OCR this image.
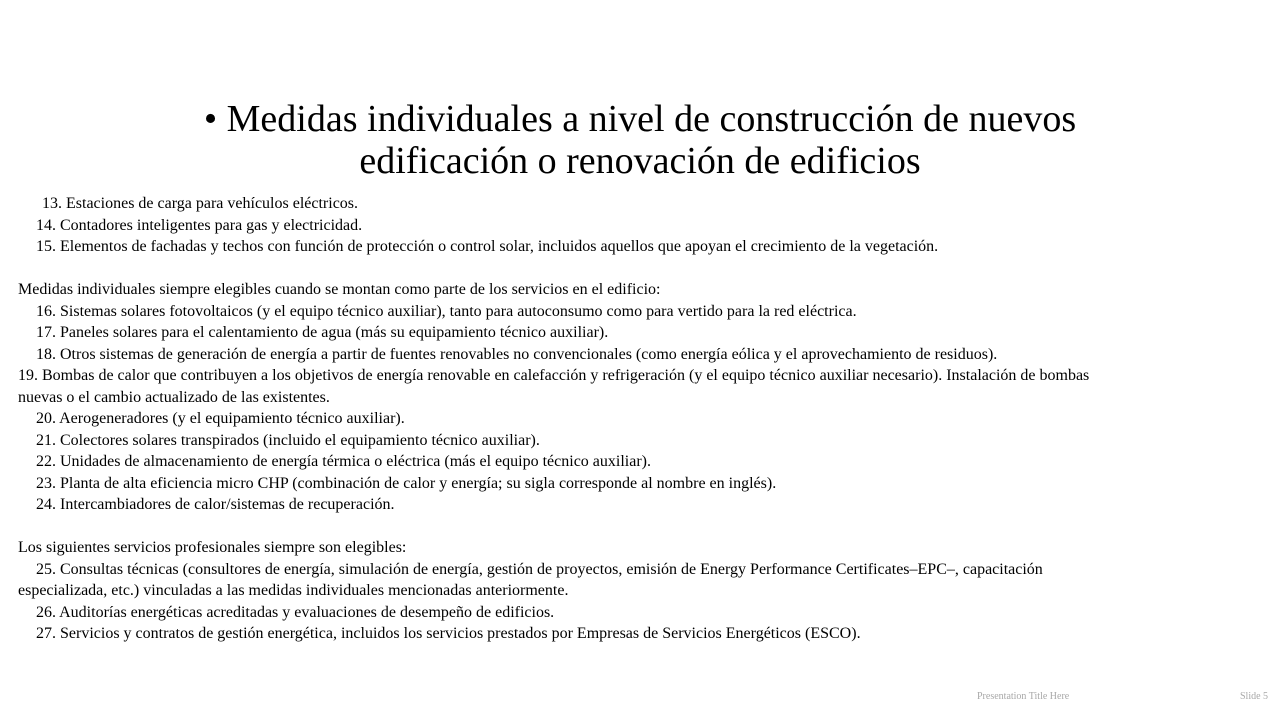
• Medidas individuales a nivel de construcción de nuevos
edificación o renovación de edificios
13. Estaciones de carga para vehículos eléctricos.
14. Contadores inteligentes para gas y electricidad.
15. Elementos de fachadas y techos con función de protección o control solar, incluidos aquellos que apoyan el crecimiento de la vegetación.
Medidas individuales siempre elegibles cuando se montan como parte de los servicios en el edificio:
16. Sistemas solares fotovoltaicos (y el equipo técnico auxiliar), tanto para autoconsumo como para vertido para la red eléctrica.
17. Paneles solares para el calentamiento de agua (más su equipamiento técnico auxiliar).
18. Otros sistemas de generación de energía a partir de fuentes renovables no convencionales (como energía eólica y el aprovechamiento de residuos).
19. Bombas de calor que contribuyen a los objetivos de energía renovable en calefacción y refrigeración (y el equipo técnico auxiliar necesario). Instalación de bombas
nuevas o el cambio actualizado de las existentes.
20. Aerogeneradores (y el equipamiento técnico auxiliar).
21. Colectores solares transpirados (incluido el equipamiento técnico auxiliar).
22. Unidades de almacenamiento de energía térmica o eléctrica (más el equipo técnico auxiliar).
23. Planta de alta eficiencia micro CHP (combinación de calor y energía; su sigla corresponde al nombre en inglés).
24. Intercambiadores de calor/sistemas de recuperación.
Los siguientes servicios profesionales siempre son elegibles:
25. Consultas técnicas (consultores de energía, simulación de energía, gestión de proyectos, emisión de Energy Performance Certificates–EPC–, capacitación
especializada, etc.) vinculadas a las medidas individuales mencionadas anteriormente.
26. Auditorías energéticas acreditadas y evaluaciones de desempeño de edificios.
27. Servicios y contratos de gestión energética, incluidos los servicios prestados por Empresas de Servicios Energéticos (ESCO).
Presentation Title Here	Slide 5
